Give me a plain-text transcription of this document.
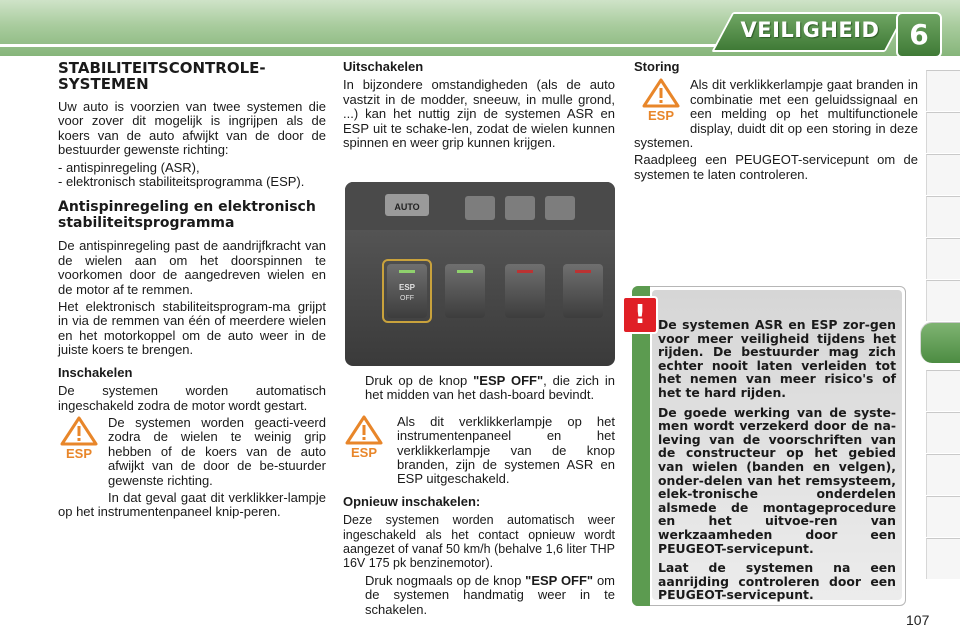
VEILIGHEID	6
STABILITEITSCONTROLE-SYSTEMEN

Uw auto is voorzien van twee systemen die voor zover dit mogelijk is ingrijpen als de koers van de auto afwijkt van de door de bestuurder gewenste richting:

- antispinregeling (ASR),
- elektronisch stabiliteitsprogramma (ESP).
Antispinregeling en elektronisch stabiliteitsprogramma

De antispinregeling past de aandrijfkracht van de wielen aan om het doorspinnen te voorkomen door de aangedreven wielen en de motor af te remmen.

Het elektronisch stabiliteitsprogram-ma grijpt in via de remmen van één of meerdere wielen en het motorkoppel om de auto weer in de juiste koers te brengen.

Inschakelen

De systemen worden automatisch ingeschakeld zodra de motor wordt gestart.

ESP

De systemen worden geacti-veerd zodra de wielen te weinig grip hebben of de koers van de auto afwijkt van de door de be-stuurder gewenste richting.

In dat geval gaat dit verklikker-lampje op het instrumentenpaneel knip-peren.

Uitschakelen

In bijzondere omstandigheden (als de auto vastzit in de modder, sneeuw, in mulle grond, ...) kan het nuttig zijn de systemen ASR en ESP uit te schake-len, zodat de wielen kunnen spinnen en weer grip kunnen krijgen.

AUTO
ESP
OFF

Druk op de knop "ESP OFF", die zich in het midden van het dash-board bevindt.

ESP

Als dit verklikkerlampje op het instrumentenpaneel en het verklikkerlampje van de knop branden, zijn de systemen ASR en ESP uitgeschakeld.

Opnieuw inschakelen:

Deze systemen worden automatisch weer ingeschakeld als het contact opnieuw wordt aangezet of vanaf 50 km/h (behalve 1,6 liter THP 16V 175 pk benzinemotor).

Druk nogmaals op de knop "ESP OFF" om de systemen handmatig weer in te schakelen.

Storing
ESP

Als dit verklikkerlampje gaat branden in combinatie met een geluidssignaal en een melding op het multifunctionele display, duidt dit op een storing in deze systemen.

Raadpleeg een PEUGEOT-servicepunt om de systemen te laten controleren.

! De systemen ASR en ESP zor-gen voor meer veiligheid tijdens het rijden. De bestuurder mag zich echter nooit laten verleiden tot het nemen van meer risico's of het te hard rijden.

De goede werking van de syste-men wordt verzekerd door de na-leving van de voorschriften van de constructeur op het gebied van wielen (banden en velgen), onder-delen van het remsysteem, elek-tronische onderdelen alsmede de montageprocedure en het uitvoe-ren van werkzaamheden door een PEUGEOT-servicepunt.

Laat de systemen na een aanrijding controleren door een PEUGEOT-servicepunt.

107
